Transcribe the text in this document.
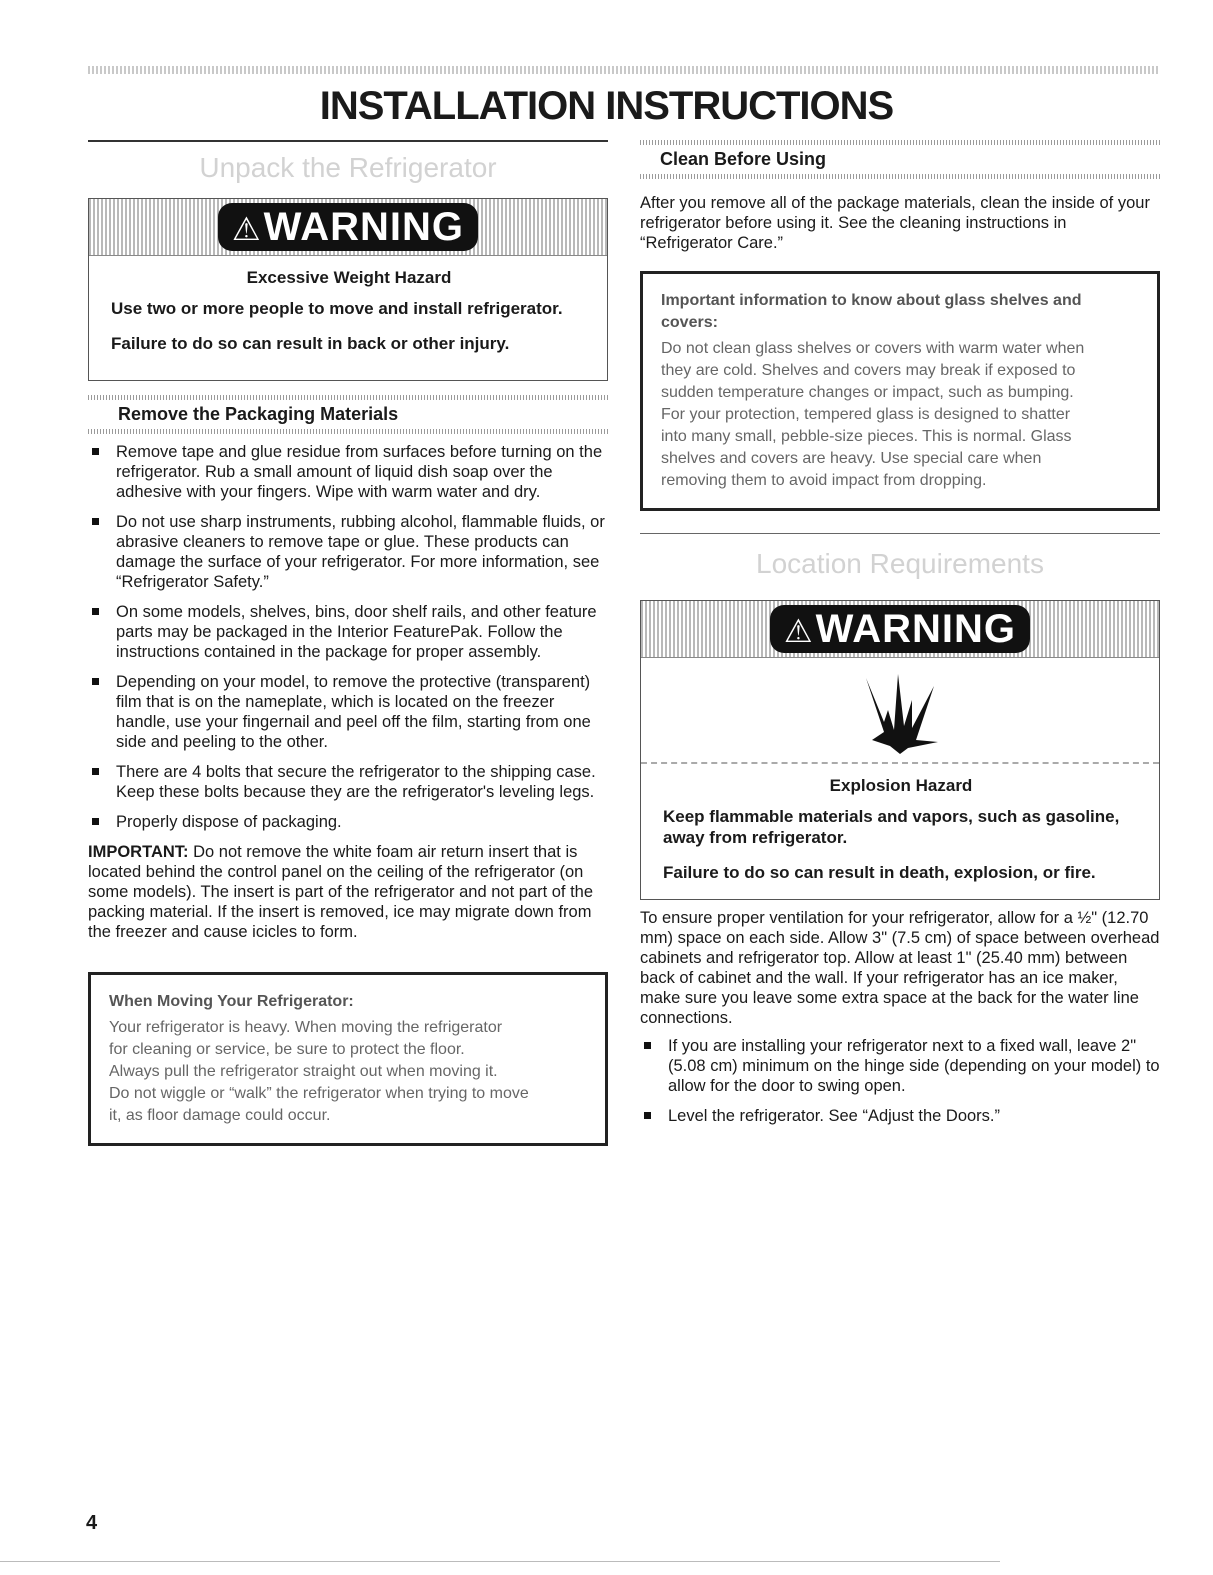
INSTALLATION INSTRUCTIONS
Unpack the Refrigerator
⚠WARNING
Excessive Weight Hazard

Use two or more people to move and install refrigerator.

Failure to do so can result in back or other injury.

Remove the Packaging Materials
Remove tape and glue residue from surfaces before turning on the refrigerator. Rub a small amount of liquid dish soap over the adhesive with your fingers. Wipe with warm water and dry.
Do not use sharp instruments, rubbing alcohol, flammable fluids, or abrasive cleaners to remove tape or glue. These products can damage the surface of your refrigerator. For more information, see “Refrigerator Safety.”
On some models, shelves, bins, door shelf rails, and other feature parts may be packaged in the Interior FeaturePak. Follow the instructions contained in the package for proper assembly.
Depending on your model, to remove the protective (transparent) film that is on the nameplate, which is located on the freezer handle, use your fingernail and peel off the film, starting from one side and peeling to the other.
There are 4 bolts that secure the refrigerator to the shipping case. Keep these bolts because they are the refrigerator's leveling legs.
Properly dispose of packaging.

IMPORTANT: Do not remove the white foam air return insert that is located behind the control panel on the ceiling of the refrigerator (on some models). The insert is part of the refrigerator and not part of the packing material. If the insert is removed, ice may migrate down from the freezer and cause icicles to form.

When Moving Your Refrigerator:

Your refrigerator is heavy. When moving the refrigerator

for cleaning or service, be sure to protect the floor.

Always pull the refrigerator straight out when moving it.

Do not wiggle or “walk” the refrigerator when trying to move

it, as floor damage could occur.

Clean Before Using

After you remove all of the package materials, clean the inside of your refrigerator before using it. See the cleaning instructions in “Refrigerator Care.”

Important information to know about glass shelves and covers:

Do not clean glass shelves or covers with warm water when

they are cold. Shelves and covers may break if exposed to

sudden temperature changes or impact, such as bumping.

For your protection, tempered glass is designed to shatter

into many small, pebble-size pieces. This is normal. Glass

shelves and covers are heavy. Use special care when

removing them to avoid impact from dropping.

Location Requirements
⚠WARNING
Explosion Hazard

Keep flammable materials and vapors, such as gasoline, away from refrigerator.

Failure to do so can result in death, explosion, or fire.

To ensure proper ventilation for your refrigerator, allow for a ½" (12.70 mm) space on each side. Allow 3" (7.5 cm) of space between overhead cabinets and refrigerator top. Allow at least 1" (25.40 mm) between back of cabinet and the wall. If your refrigerator has an ice maker, make sure you leave some extra space at the back for the water line connections.

If you are installing your refrigerator next to a fixed wall, leave 2" (5.08 cm) minimum on the hinge side (depending on your model) to allow for the door to swing open.
Level the refrigerator. See “Adjust the Doors.”
4
